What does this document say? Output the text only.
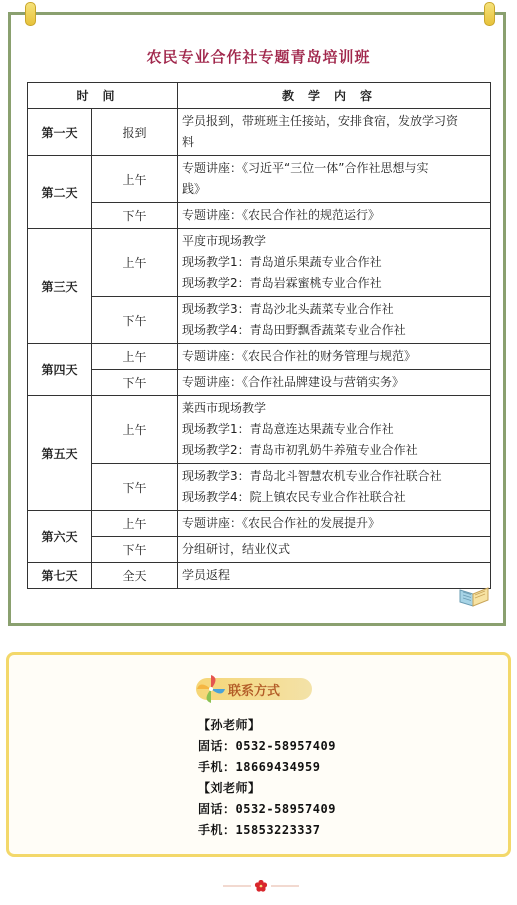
农民专业合作社专题青岛培训班
时间		教学内容
第一天	报到	学员报到，带班班主任接站，安排食宿，发放学习资
料

第二天	上午	专题讲座：《习近平“三位一体”合作社思想与实
践》

	下午	专题讲座：《农民合作社的规范运行》

第三天	上午	平度市现场教学
现场教学1：青岛道乐果蔬专业合作社
现场教学2：青岛岩霖蜜桃专业合作社

	下午	现场教学3：青岛沙北头蔬菜专业合作社
现场教学4：青岛田野飘香蔬菜专业合作社

第四天	上午	专题讲座：《农民合作社的财务管理与规范》

	下午	专题讲座：《合作社品牌建设与营销实务》

第五天	上午	莱西市现场教学
现场教学1：青岛意连达果蔬专业合作社
现场教学2：青岛市初乳奶牛养殖专业合作社

	下午	现场教学3：青岛北斗智慧农机专业合作社联合社
现场教学4：院上镇农民专业合作社联合社

第六天	上午	专题讲座：《农民合作社的发展提升》

	下午	分组研讨，结业仪式

第七天	全天	学员返程
联系方式
【孙老师】
固话：0532-58957409
手机：18669434959
【刘老师】
固话：0532-58957409
手机：15853223337
